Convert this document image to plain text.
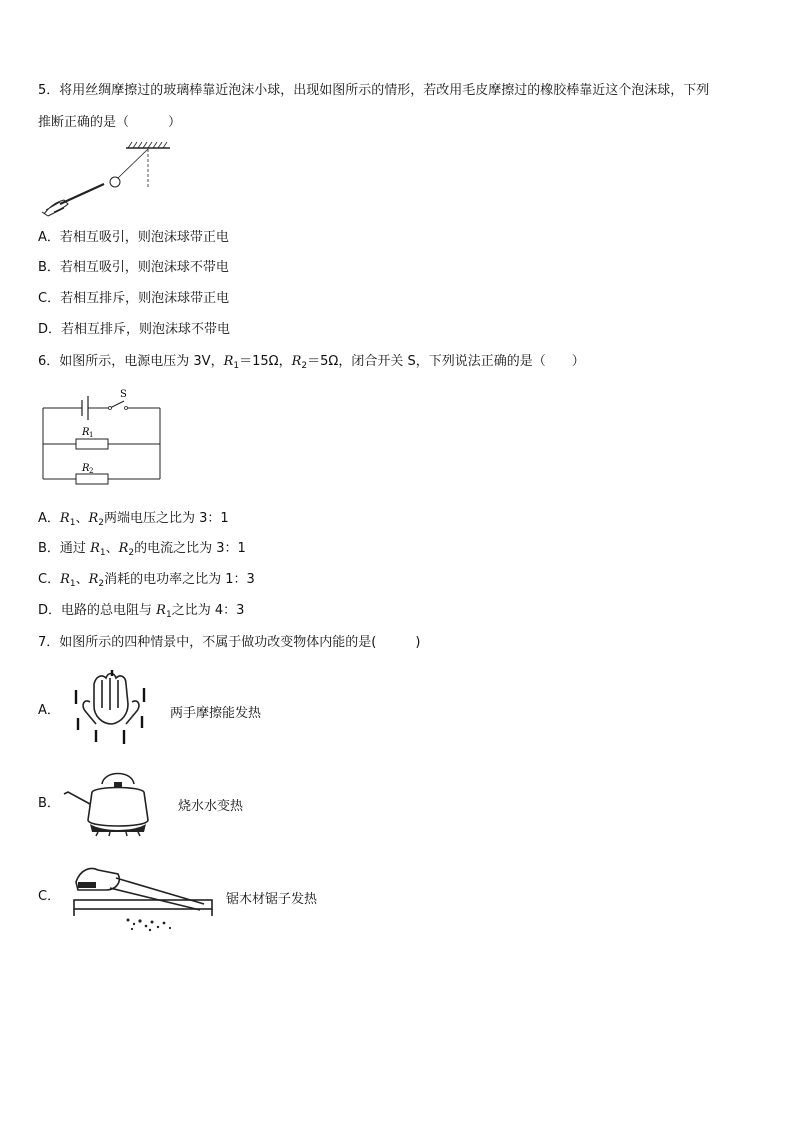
5．将用丝绸摩擦过的玻璃棒靠近泡沫小球，出现如图所示的情形，若改用毛皮摩擦过的橡胶棒靠近这个泡沫球，下列
推断正确的是（　　　）
A．若相互吸引，则泡沫球带正电
B．若相互吸引，则泡沫球不带电
C．若相互排斥，则泡沫球带正电
D．若相互排斥，则泡沫球不带电
6．如图所示，电源电压为 3V，$R_1=15\Omega$，$R_2=5\Omega$，闭合开关 S，下列说法正确的是（　　）
S
R 1
R 2
A．$R_1$、$R_2$两端电压之比为 3：1
B．通过 $R_1$、$R_2$的电流之比为 3：1
C．$R_1$、$R_2$消耗的电功率之比为 1：3
D．电路的总电阻与 $R_1$之比为 4：3
7．如图所示的四种情景中，不属于做功改变物体内能的是(　　　)
A．	两手摩擦能发热
B．	烧水水变热
C．	锯木材锯子发热
